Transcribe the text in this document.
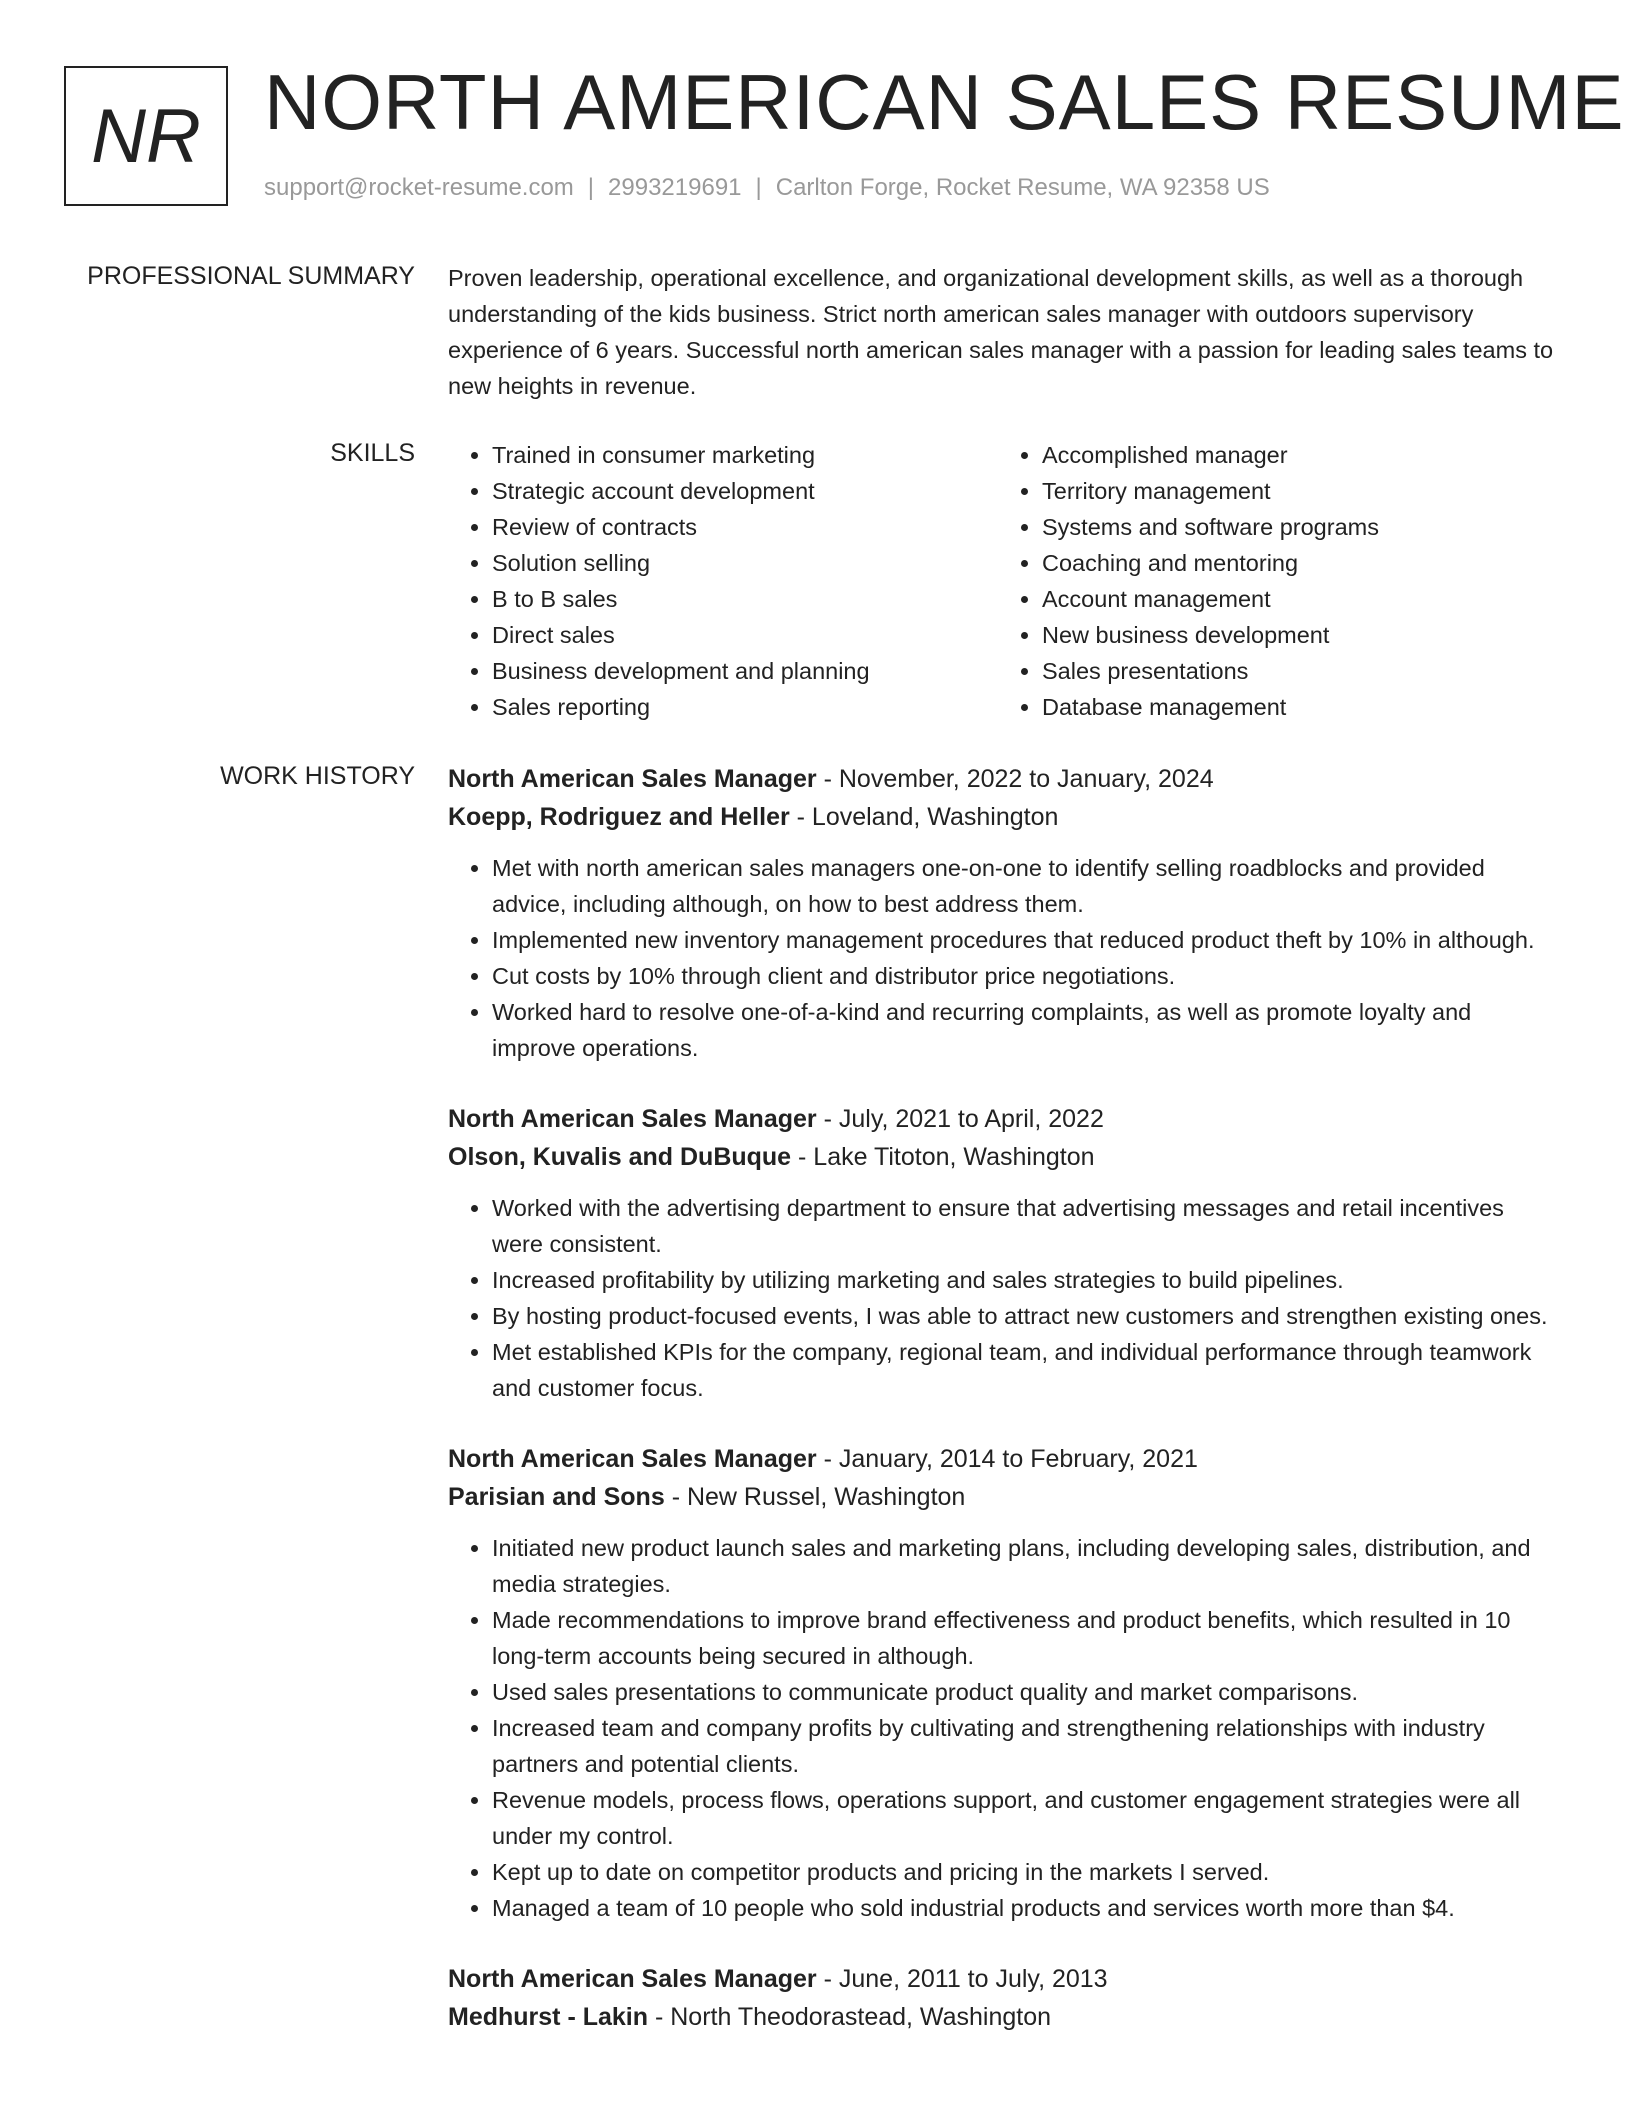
NR NORTH AMERICAN SALES RESUME
support@rocket-resume.com | 2993219691 | Carlton Forge, Rocket Resume, WA 92358 US
PROFESSIONAL SUMMARY Proven leadership, operational excellence, and organizational development skills, as well as a thorough understanding of the kids business. Strict north american sales manager with outdoors supervisory experience of 6 years. Successful north american sales manager with a passion for leading sales teams to new heights in revenue.

SKILLS
•	Trained in consumer marketing
• Strategic account development
• Review of contracts
• Solution selling
• B to B sales
• Direct sales
• Business development and planning
• Sales reporting
• Accomplished manager
• Territory management
• Systems and software programs
• Coaching and mentoring
• Account management
• New business development
• Sales presentations
• Database management
WORK HISTORY North American Sales Manager - November, 2022 to January, 2024
Koepp, Rodriguez and Heller - Loveland, Washington
• Met with north american sales managers one-on-one to identify selling roadblocks and provided advice, including although, on how to best address them.
• Implemented new inventory management procedures that reduced product theft by 10% in although.
• Cut costs by 10% through client and distributor price negotiations.
• Worked hard to resolve one-of-a-kind and recurring complaints, as well as promote loyalty and improve operations.
North American Sales Manager - July, 2021 to April, 2022
Olson, Kuvalis and DuBuque - Lake Titoton, Washington
• Worked with the advertising department to ensure that advertising messages and retail incentives were consistent.
• Increased profitability by utilizing marketing and sales strategies to build pipelines.
• By hosting product-focused events, I was able to attract new customers and strengthen existing ones.
• Met established KPIs for the company, regional team, and individual performance through teamwork and customer focus.
North American Sales Manager - January, 2014 to February, 2021
Parisian and Sons - New Russel, Washington
• Initiated new product launch sales and marketing plans, including developing sales, distribution, and media strategies.
• Made recommendations to improve brand effectiveness and product benefits, which resulted in 10 long-term accounts being secured in although.
• Used sales presentations to communicate product quality and market comparisons.
• Increased team and company profits by cultivating and strengthening relationships with industry partners and potential clients.
• Revenue models, process flows, operations support, and customer engagement strategies were all under my control.
• Kept up to date on competitor products and pricing in the markets I served.
• Managed a team of 10 people who sold industrial products and services worth more than $4.
North American Sales Manager - June, 2011 to July, 2013
Medhurst - Lakin - North Theodorastead, Washington
